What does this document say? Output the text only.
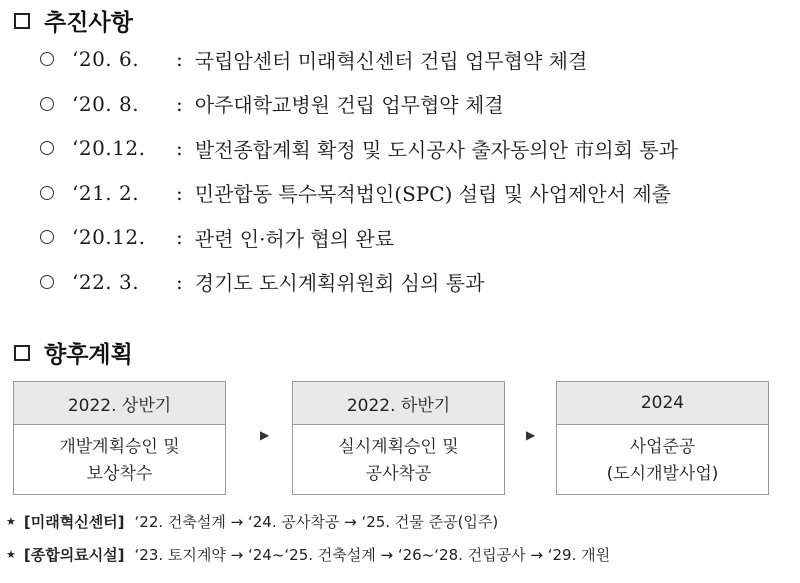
추진사항
‘20. 6.	: 국립암센터 미래혁신센터 건립 업무협약 체결
‘20. 8.	: 아주대학교병원 건립 업무협약 체결
‘20.12.	: 발전종합계획 확정 및 도시공사 출자동의안 市의회 통과
‘21. 2.	: 민관합동 특수목적법인(SPC) 설립 및 사업제안서 제출
‘20.12.	: 관련 인·허가 협의 완료
‘22. 3.	: 경기도 도시계획위원회 심의 통과
향후계획
2022. 상반기
개발계획승인 및
보상착수
▶
2022. 하반기
실시계획승인 및
공사착공
▶
2024
사업준공
(도시개발사업)
★ [미래혁신센터] ‘22. 건축설계 → ‘24. 공사착공 → ‘25. 건물 준공(입주)
★ [종합의료시설] ‘23. 토지계약 → ‘24~‘25. 건축설계 → ‘26~‘28. 건립공사 → ‘29. 개원
